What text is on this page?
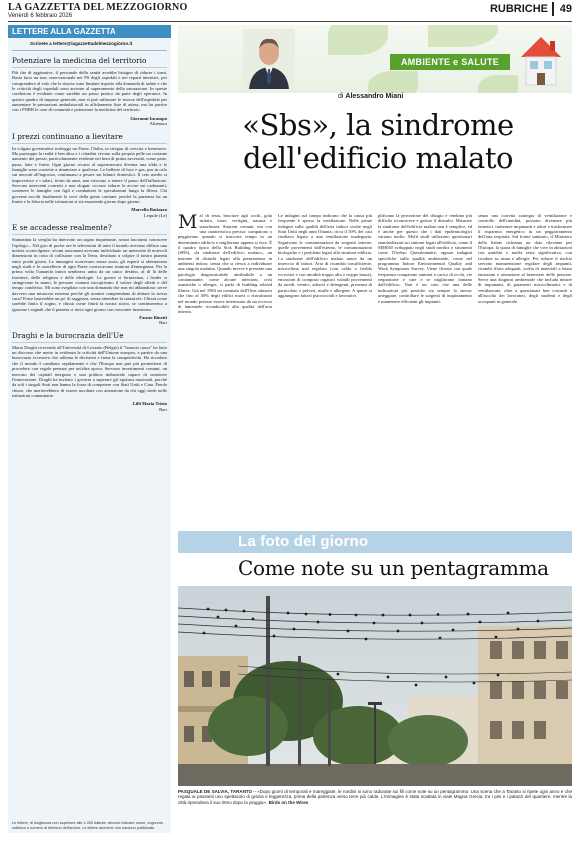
LA GAZZETTA DEL MEZZOGIORNO
Venerdì 6 febbraio 2026
RUBRICHE 49
LETTERE ALLA GAZZETTA
Scrivete a lettere@lagazzettadelmezzogiorno.it
Potenziare la medicina del territorio

Più che di aggiuntive, il personale della sanità avrebbe bisogno di ridurre i turni. Basta farsi un tour osservazionale nei PS degli ospedali e nei reparti intensivi, per comprendere al volo che le risorse sono limitate rispetto alla domanda di salute e che le criticità degli ospedali sono arrivate al superamento della saturazione. In queste condizioni è evidente come sarebbe un passo pratico da parte degli operatori. In questo quadro di impasse generale, non si può utilizzare le risorse dell'ospedale per aumentare le prestazioni ambulatoriali in affidamento liste di attesa, ma far partire con i PNRR le case di comunità e potenziare la medicina del territorio.

Giovanni Incampo
Altamura
I prezzi continuano a lievitare

In volgata governativa trottegga un Paese, l'Italia, in stregua di crescita e benessere. Ma purtroppo la realtà è ben altra e i cittadini vivono sulla propria pelle un costante aumento dei prezzi, particolarmente evidente nei beni di prima necessità, come pane, pasta, latte e frutta. Ogni giorno recarsi al supermercato diventa una sfida e le famiglie sono costrette a rinunciare a qualcosa. Le bollette di luce e gas, pur in calo sui mercati all'ingrosso, continuano a pesare sui bilanci domestici. Il ceto medio si impoverisce e i salari, fermi da anni, non riescono a tenere il passo dell'inflazione. Servono interventi concreti e non slogan: occorre ridurre le accise sui carburanti, sostenere le famiglie con figli e combattere le speculazioni lungo la filiera. Chi governa ascolti finalmente la voce della gente comune, perché la pazienza ha un limite e la fiducia nelle istituzioni si sta esaurendo giorno dopo giorno.

Marcello Battazzo
Lequile (Le)
E se accadesse realmente?

Stamattina la sveglia ha interrotto un sogno inquietante, senza lasciarmi conoscere l'epilogo... Nel giro di poche ore le televisioni di tutto il mondo avevano diffuso una notizia sconvolgente: alcuni astronomi avevano individuato un meteorite di notevoli dimensioni in rotta di collisione con la Terra, destinato a colpire il nostro pianeta entro pochi giorni. Le immagini scorrevano senza sosta, gli esperti si alternavano negli studi e le cancellerie di ogni Paese convocavano riunioni d'emergenza. Per la prima volta l'umanità intera sembrava unita da un unico destino, al di là delle frontiere, delle religioni e delle ideologie. Le guerre si fermavano, i leader si stringevano la mano, le persone comuni riscoprivano il valore degli affetti e del tempo condiviso. Mi sono svegliato con una domanda che non mi abbandona: serve davvero una minaccia estrema perché gli uomini comprendano di abitare la stessa casa? Forse basterebbe un po' di saggezza, senza attendere la catastrofe. Chissà come sarebbe finito il sogno, e chissà come finirà la nostra storia, se continueremo a ignorare i segnali che il pianeta ci invia ogni giorno con crescente insistenza.

Fausto Binetti
Bari
Draghi e la burocrazia dell'Ue

Mario Draghi ricevendo all'Università di Lovanio (Belgio) il "honoris causa" ha fatto un discorso che mette in evidenza le criticità dell'Unione europea, a partire da una burocrazia eccessiva che rallenta le decisioni e frena la competitività. Ha ricordato che il mondo è cambiato rapidamente e che l'Europa non può più permettersi di procedere con regole pensate per un'altra epoca. Servono investimenti comuni, un mercato dei capitali integrato e una politica industriale capace di sostenere l'innovazione. Draghi ha invitato i governi a superare gli egoismi nazionali, perché da soli i singoli Stati non hanno la forza di competere con Stati Uniti e Cina. Parole chiare, che meriterebbero di essere ascoltate con attenzione da chi oggi siede nelle istituzioni comunitarie.

Lilli Maria Trizio
Bari
Le lettere, di lunghezza non superiore alle 1.000 battute, devono indicare nome, cognome, indirizzo e numero di telefono dell'autore. Le lettere anonime non saranno pubblicate.
AMBIENTE e SALUTE
di Alessandro Miani
«Sbs», la sindrome
dell'edificio malato
Mal di testa, bruciore agli occhi, gola irritata, tosse, vertigini, nausea e stanchezza. Sintomi comuni, ma con una caratteristica precisa: compaiono o peggiorano quando si trascorre tempo in un determinato edificio e migliorano appena si esce. È il quadro tipico della Sick Building Syndrome (SBS), «la sindrome dell'edificio malato», un insieme di disturbi legati alla permanenza in ambienti indoor, senza che si riesca a individuare una singola malattia. Quando invece è presente una patologia diagnosticabile attribuibile a un contaminante, come alcune infezioni, crisi asmatiche o allergie, si parla di building related illness. Già nel 1984 un comitato dell'Oms stimava che fino al 30% degli edifici nuovi o ristrutturati nel mondo potesse essere interessato da un eccesso di lamentele riconducibili alla qualità dell'aria interna.
Le indagini sul campo indicano che la causa più frequente è spesso la ventilazione. Nelle prime indagini sulla qualità dell'aria indoor svolte negli Stati Uniti negli anni Ottanta, circa il 50% dei casi risultava legato a una ventilazione inadeguata. Seguivano le contaminazioni da sorgenti interne, quelle provenienti dall'esterno, le contaminazioni biologiche e i problemi legati alla struttura edilizia. La sindrome dell'edificio malato nasce da un intreccio di fattori. Aria di ricambio insufficiente, microclima mal regolato (con caldo o freddo eccessivi e con umidità troppo alta o troppo bassa), emissioni di composti organici volatili provenienti da arredi, vernici, adesivi e detergenti, presenza di particolato e polveri, muffe e allergeni. A questi si aggiungono fattori psicosociali e lavorativi.
plificano la percezione del disagio e rendono più difficile riconoscere e gestire il disturbo. Misurare la sindrome dell'edificio malato non è semplice, ed è anche per questo che i dati epidemiologici variano molto. Molti studi utilizzano questionari standardizzati sui sintomi legati all'edificio, come il MM040 sviluppato negli studi nordici e strumenti come l'Orebro Questionnaire, oppure indagini specifiche sulla qualità ambientale, come nel programma Indoor Environmental Quality and Work Symptoms Survey. Viene chiesto con quale frequenza compaiono sintomi a carico di occhi, vie respiratorie e cute e se migliorano lontano dall'edificio. Non è un caso che una delle indicazioni più pratiche sia sempre la stessa: arieggiare, controllare le sorgenti di inquinamento e mantenere efficienti gli impianti.
senza una corretta strategia di ventilazione e controllo dell'umidità, possono diventare più ermetici, trattenere inquinanti e odori e trasformare il risparmio energetico in un peggioramento dell'aria respirata. Sul fronte sanitario, il Ministero della Salute richiama un dato rilevante per l'Europa: la quota di famiglie che vive in abitazioni con umidità o muffa resta significativa, con ricadute su asma e allergie. Per ridurre il rischio servono manutenzione regolare degli impianti, ricambi d'aria adeguati, scelta di materiali a basse emissioni e attenzione al benessere delle persone. Serve una diagnosi ambientale che includa misure di inquinanti, di parametri microclimatici e di ventilazione, oltre a questionari ben costruiti e all'ascolto dei lavoratori, degli studenti e degli occupanti in generale.
La foto del giorno
Come note su un pentagramma
PASQUALE DE SALVIA, TARANTO – «Dopo giorni di temporali e mareggiate, le rondini si sono radunate sui fili come note su un pentagramma. Una scena che a Taranto si ripete ogni anno e che regala ai passanti uno spettacolo di grazia e leggerezza, prima della partenza verso terre più calde. L'immagine è stata scattata in viale Magna Grecia, tra i pini e i palazzi del quartiere, mentre la città riprendeva il suo ritmo dopo la pioggia». Birds on the Wires
